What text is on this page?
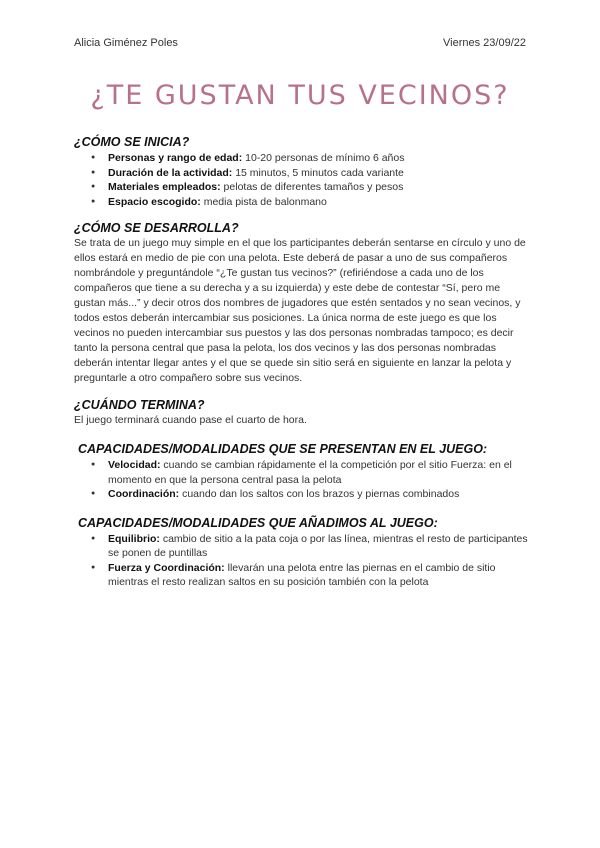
Alicia Giménez Poles	Viernes 23/09/22
¿TE GUSTAN TUS VECINOS?
¿CÓMO SE INICIA?
● Personas y rango de edad: 10-20 personas de mínimo 6 años
● Duración de la actividad: 15 minutos, 5 minutos cada variante
● Materiales empleados: pelotas de diferentes tamaños y pesos
● Espacio escogido: media pista de balonmano
¿CÓMO SE DESARROLLA?

Se trata de un juego muy simple en el que los participantes deberán sentarse en círculo y uno de ellos estará en medio de pie con una pelota. Este deberá de pasar a uno de sus compañeros nombrándole y preguntándole “¿Te gustan tus vecinos?” (refiriéndose a cada uno de los compañeros que tiene a su derecha y a su izquierda) y este debe de contestar “Sí, pero me gustan más...” y decir otros dos nombres de jugadores que estén sentados y no sean vecinos, y todos estos deberán intercambiar sus posiciones. La única norma de este juego es que los vecinos no pueden intercambiar sus puestos y las dos personas nombradas tampoco; es decir tanto la persona central que pasa la pelota, los dos vecinos y las dos personas nombradas deberán intentar llegar antes y el que se quede sin sitio será en siguiente en lanzar la pelota y preguntarle a otro compañero sobre sus vecinos.

¿CUÁNDO TERMINA?

El juego terminará cuando pase el cuarto de hora.

CAPACIDADES/MODALIDADES QUE SE PRESENTAN EN EL JUEGO:
● Velocidad: cuando se cambian rápidamente el la competición por el sitio Fuerza: en el momento en que la persona central pasa la pelota
● Coordinación: cuando dan los saltos con los brazos y piernas combinados
CAPACIDADES/MODALIDADES QUE AÑADIMOS AL JUEGO:
● Equilibrio: cambio de sitio a la pata coja o por las línea, mientras el resto de participantes se ponen de puntillas
● Fuerza y Coordinación: llevarán una pelota entre las piernas en el cambio de sitio mientras el resto realizan saltos en su posición también con la pelota
